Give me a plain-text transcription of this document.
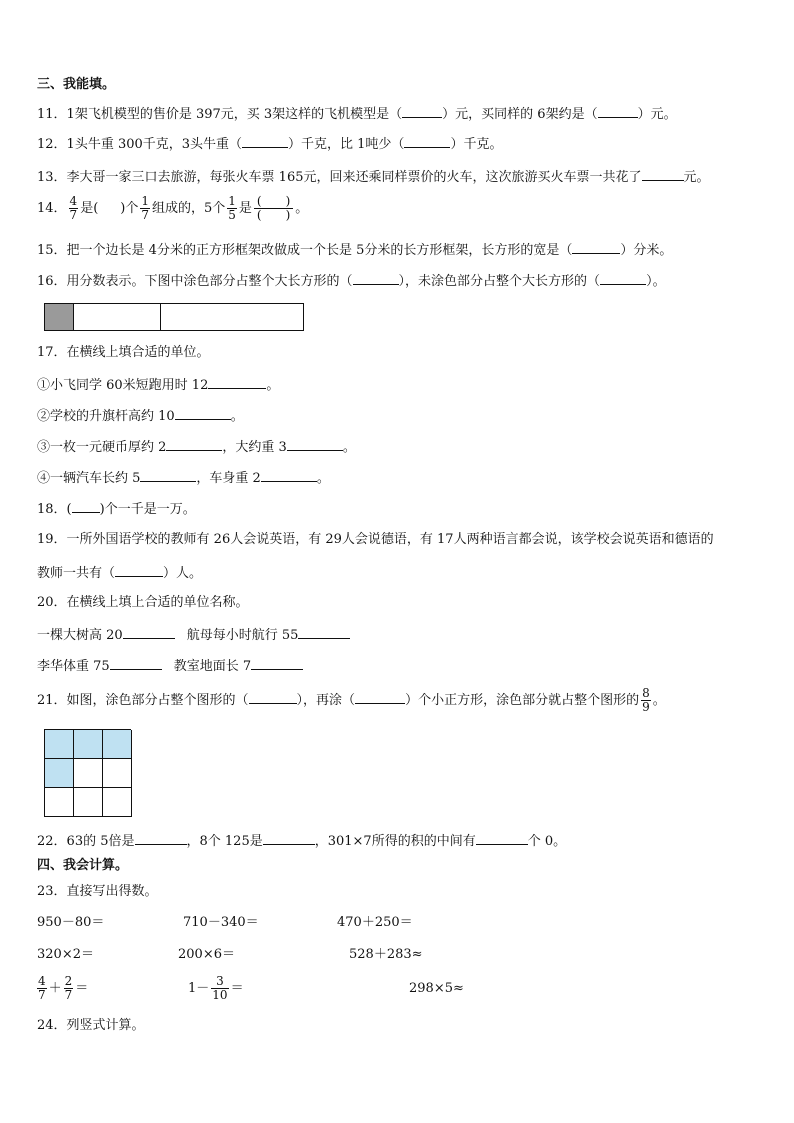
三、我能填。
11．1架飞机模型的售价是 397元，买 3架这样的飞机模型是（	）元，买同样的 6架约是（	）元。
12．1头牛重 300千克，3头牛重（	）千克，比 1吨少（	）千克。
13．李大哥一家三口去旅游，每张火车票 165元，回来还乘同样票价的火车，这次旅游买火车票一共花了	元。
14． $\frac{4}{7}$ 是( )个 $\frac{1}{7}$ 组成的，5个 $\frac{1}{5}$ 是 $\frac{( )}{( )}$ 。
15．把一个边长是 4分米的正方形框架改做成一个长是 5分米的长方形框架，长方形的宽是（	）分米。
16．用分数表示。下图中涂色部分占整个大长方形的（	），未涂色部分占整个大长方形的（	）。
17．在横线上填合适的单位。
①小飞同学 60米短跑用时 12	。
②学校的升旗杆高约 10	。
③一枚一元硬币厚约 2	，大约重 3	。
④一辆汽车长约 5	，车身重 2	。
18．( )个一千是一万。
19．一所外国语学校的教师有 26人会说英语，有 29人会说德语，有 17人两种语言都会说，该学校会说英语和德语的
教师一共有（	）人。
20．在横线上填上合适的单位名称。
一棵大树高 20	航母每小时航行 55
李华体重 75	教室地面长 7
21．如图，涂色部分占整个图形的（	），再涂（	）个小正方形，涂色部分就占整个图形的 $\frac{8}{9}$ 。
22．63的 5倍是	，8个 125是	，301×7所得的积的中间有	个 0。
四、我会计算。
23．直接写出得数。
950－80＝	710－340＝	470＋250＝
320×2＝	200×6＝	528＋283≈
$\frac{4}{7} + \frac{2}{7}$ ＝	$1- \frac{3}{10}$ ＝	298×5≈
24．列竖式计算。
